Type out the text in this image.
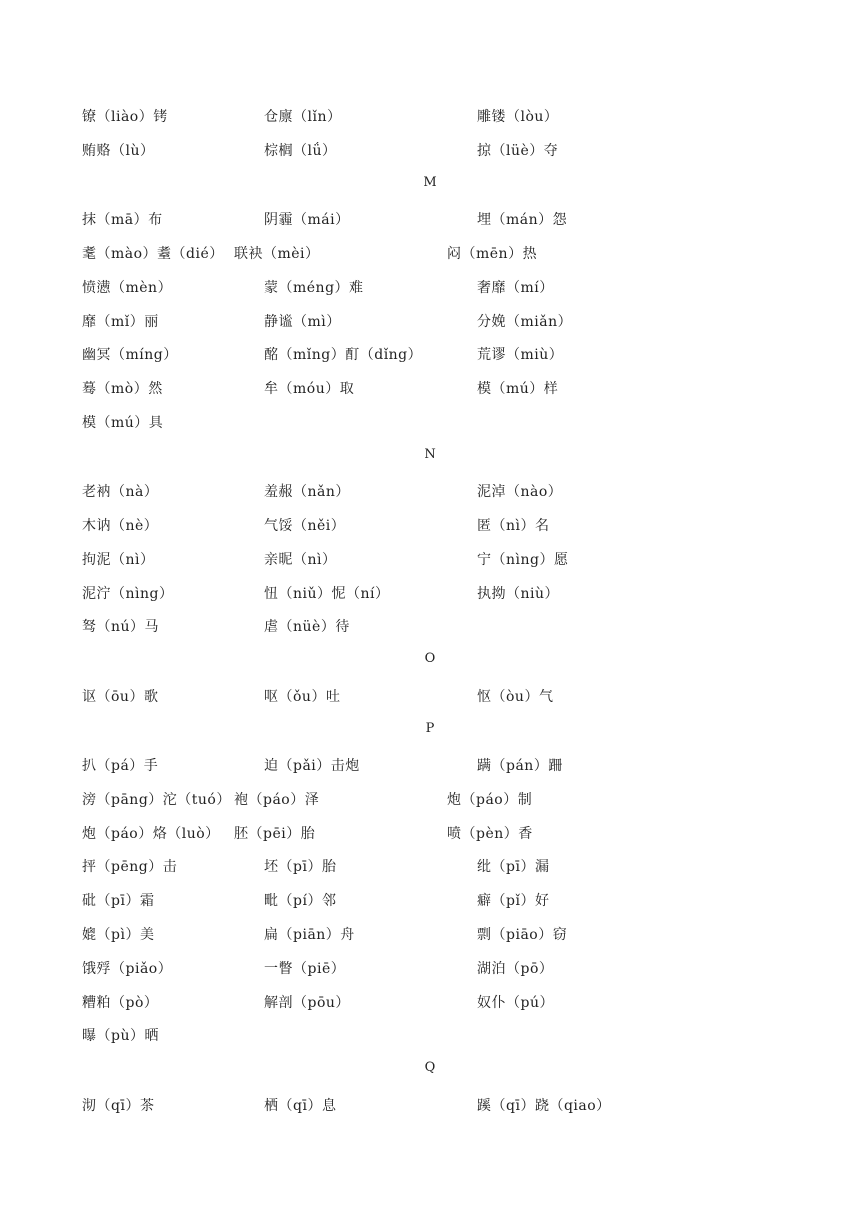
镣（liào）铐	仓廪（lǐn）	雕镂（lòu）
贿赂（lù）	棕榈（lǘ）	掠（lüè）夺
M
抹（mā）布	阴霾（mái）	埋（mán）怨
耄（mào）耋（dié） 联袂（mèi）	闷（mēn）热
愤懑（mèn）	蒙（méng）难	奢靡（mí）
靡（mǐ）丽	静谧（mì）	分娩（miǎn）
幽冥（míng）	酩（mǐng）酊（dǐng）	荒谬（miù）
蓦（mò）然	牟（móu）取	模（mú）样
模（mú）具
N
老衲（nà）	羞赧（nǎn）	泥淖（nào）
木讷（nè）	气馁（něi）	匿（nì）名
拘泥（nì）	亲昵（nì）	宁（nìng）愿
泥泞（nìng）	忸（niǔ）怩（ní）	执拗（niù）
驽（nú）马	虐（nüè）待
O
讴（ōu）歌	呕（ǒu）吐	怄（òu）气
P
扒（pá）手	迫（pǎi）击炮	蹒（pán）跚
滂（pāng）沱（tuó） 袍（páo）泽	炮（páo）制
炮（páo）烙（luò） 胚（pēi）胎	喷（pèn）香
抨（pēng）击	坯（pī）胎	纰（pī）漏
砒（pī）霜	毗（pí）邻	癖（pǐ）好
媲（pì）美	扁（piān）舟	剽（piāo）窃
饿殍（piǎo）	一瞥（piē）	湖泊（pō）
糟粕（pò）	解剖（pōu）	奴仆（pú）
曝（pù）晒
Q
沏（qī）茶	栖（qī）息	蹊（qī）跷（qiao）
